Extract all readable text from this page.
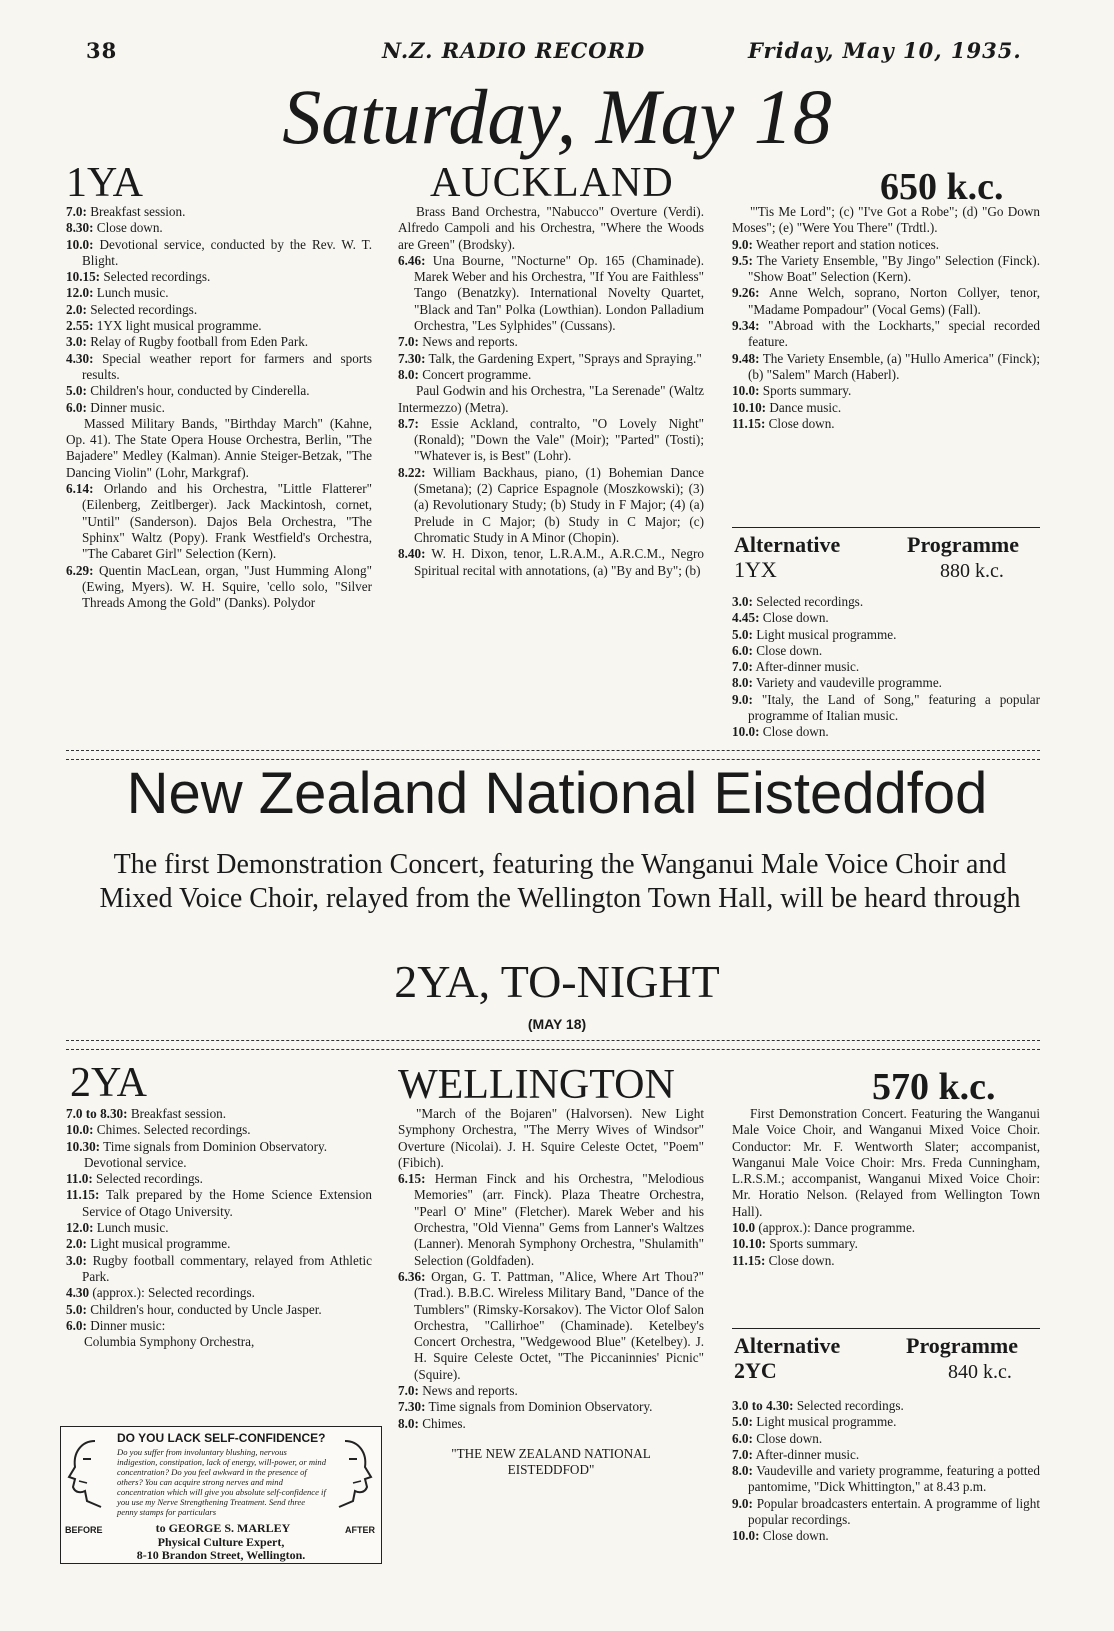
38	N.Z. RADIO RECORD	Friday, May 10, 1935.
Saturday, May 18
1YA	AUCKLAND	650 k.c.

7.0: Breakfast session.

8.30: Close down.

10.0: Devotional service, conducted by the Rev. W. T. Blight.

10.15: Selected recordings.

12.0: Lunch music.

2.0: Selected recordings.

2.55: 1YX light musical programme.

3.0: Relay of Rugby football from Eden Park.

4.30: Special weather report for farmers and sports results.

5.0: Children's hour, conducted by Cinderella.

6.0: Dinner music.

Massed Military Bands, "Birthday March" (Kahne, Op. 41). The State Opera House Orchestra, Berlin, "The Bajadere" Medley (Kalman). Annie Steiger-Betzak, "The Dancing Violin" (Lohr, Markgraf).

6.14: Orlando and his Orchestra, "Little Flatterer" (Eilenberg, Zeitlberger). Jack Mackintosh, cornet, "Until" (Sanderson). Dajos Bela Orchestra, "The Sphinx" Waltz (Popy). Frank Westfield's Orchestra, "The Cabaret Girl" Selection (Kern).

6.29: Quentin MacLean, organ, "Just Humming Along" (Ewing, Myers). W. H. Squire, 'cello solo, "Silver Threads Among the Gold" (Danks). Polydor

Brass Band Orchestra, "Nabucco" Overture (Verdi). Alfredo Campoli and his Orchestra, "Where the Woods are Green" (Brodsky).

6.46: Una Bourne, "Nocturne" Op. 165 (Chaminade). Marek Weber and his Orchestra, "If You are Faithless" Tango (Benatzky). International Novelty Quartet, "Black and Tan" Polka (Lowthian). London Palladium Orchestra, "Les Sylphides" (Cussans).

7.0: News and reports.

7.30: Talk, the Gardening Expert, "Sprays and Spraying."

8.0: Concert programme.

Paul Godwin and his Orchestra, "La Serenade" (Waltz Intermezzo) (Metra).

8.7: Essie Ackland, contralto, "O Lovely Night" (Ronald); "Down the Vale" (Moir); "Parted" (Tosti); "Whatever is, is Best" (Lohr).

8.22: William Backhaus, piano, (1) Bohemian Dance (Smetana); (2) Caprice Espagnole (Moszkowski); (3) (a) Revolutionary Study; (b) Study in F Major; (4) (a) Prelude in C Major; (b) Study in C Major; (c) Chromatic Study in A Minor (Chopin).

8.40: W. H. Dixon, tenor, L.R.A.M., A.R.C.M., Negro Spiritual recital with annotations, (a) "By and By"; (b)

"'Tis Me Lord"; (c) "I've Got a Robe"; (d) "Go Down Moses"; (e) "Were You There" (Trdtl.).

9.0: Weather report and station notices.

9.5: The Variety Ensemble, "By Jingo" Selection (Finck). "Show Boat" Selection (Kern).

9.26: Anne Welch, soprano, Norton Collyer, tenor, "Madame Pompadour" (Vocal Gems) (Fall).

9.34: "Abroad with the Lockharts," special recorded feature.

9.48: The Variety Ensemble, (a) "Hullo America" (Finck); (b) "Salem" March (Haberl).

10.0: Sports summary.

10.10: Dance music.

11.15: Close down.

Alternative	Programme
1YX	880 k.c.

3.0: Selected recordings.

4.45: Close down.

5.0: Light musical programme.

6.0: Close down.

7.0: After-dinner music.

8.0: Variety and vaudeville programme.

9.0: "Italy, the Land of Song," featuring a popular programme of Italian music.

10.0: Close down.

New Zealand National Eisteddfod
The first Demonstration Concert, featuring the Wanganui Male Voice Choir and Mixed Voice Choir, relayed from the Wellington Town Hall, will be heard through
2YA, TO-NIGHT
(MAY 18)
2YA	WELLINGTON	570 k.c.

7.0 to 8.30: Breakfast session.

10.0: Chimes. Selected recordings.

10.30: Time signals from Dominion Observatory.

Devotional service.

11.0: Selected recordings.

11.15: Talk prepared by the Home Science Extension Service of Otago University.

12.0: Lunch music.

2.0: Light musical programme.

3.0: Rugby football commentary, relayed from Athletic Park.

4.30 (approx.): Selected recordings.

5.0: Children's hour, conducted by Uncle Jasper.

6.0: Dinner music:

Columbia Symphony Orchestra,

"March of the Bojaren" (Halvorsen). New Light Symphony Orchestra, "The Merry Wives of Windsor" Overture (Nicolai). J. H. Squire Celeste Octet, "Poem" (Fibich).

6.15: Herman Finck and his Orchestra, "Melodious Memories" (arr. Finck). Plaza Theatre Orchestra, "Pearl O' Mine" (Fletcher). Marek Weber and his Orchestra, "Old Vienna" Gems from Lanner's Waltzes (Lanner). Menorah Symphony Orchestra, "Shulamith" Selection (Goldfaden).

6.36: Organ, G. T. Pattman, "Alice, Where Art Thou?" (Trad.). B.B.C. Wireless Military Band, "Dance of the Tumblers" (Rimsky-Korsakov). The Victor Olof Salon Orchestra, "Callirhoe" (Chaminade). Ketelbey's Concert Orchestra, "Wedgewood Blue" (Ketelbey). J. H. Squire Celeste Octet, "The Piccaninnies' Picnic" (Squire).

7.0: News and reports.

7.30: Time signals from Dominion Observatory.

8.0: Chimes.

"THE NEW ZEALAND NATIONAL EISTEDDFOD"

First Demonstration Concert. Featuring the Wanganui Male Voice Choir, and Wanganui Mixed Voice Choir. Conductor: Mr. F. Wentworth Slater; accompanist, Wanganui Male Voice Choir: Mrs. Freda Cunningham, L.R.S.M.; accompanist, Wanganui Mixed Voice Choir: Mr. Horatio Nelson. (Relayed from Wellington Town Hall).

10.0 (approx.): Dance programme.

10.10: Sports summary.

11.15: Close down.

Alternative	Programme
2YC	840 k.c.

3.0 to 4.30: Selected recordings.

5.0: Light musical programme.

6.0: Close down.

7.0: After-dinner music.

8.0: Vaudeville and variety programme, featuring a potted pantomime, "Dick Whittington," at 8.43 p.m.

9.0: Popular broadcasters entertain. A programme of light popular recordings.

10.0: Close down.

DO YOU LACK SELF-CONFIDENCE?
Do you suffer from involuntary blushing, nervous indigestion, constipation, lack of energy, will-power, or mind concentration? Do you feel awkward in the presence of others? You can acquire strong nerves and mind concentration which will give you absolute self-confidence if you use my Nerve Strengthening Treatment. Send three penny stamps for particulars
BEFORE	AFTER
to GEORGE S. MARLEY
Physical Culture Expert,
8-10 Brandon Street, Wellington.
